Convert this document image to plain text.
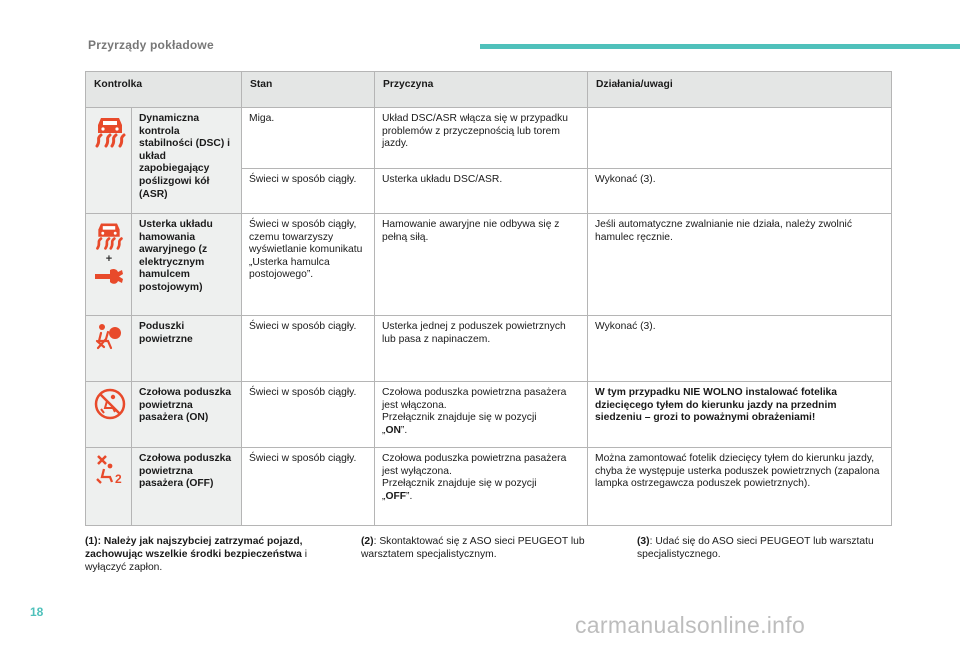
Przyrządy pokładowe
Kontrolka		Stan	Przyczyna	Działania/uwagi

	Dynamiczna kontrola stabilności (DSC) i układ zapobiegający poślizgowi kół (ASR)	Miga.	Układ DSC/ASR włącza się w przypadku problemów z przyczepnością lub torem jazdy.	
		Świeci w sposób ciągły.	Usterka układu DSC/ASR.	Wykonać (3).

+	Usterka układu hamowania awaryjnego (z elektrycznym hamulcem postojowym)	Świeci w sposób ciągły, czemu towarzyszy wyświetlanie komunikatu „Usterka hamulca postojowego”.	Hamowanie awaryjne nie odbywa się z pełną siłą.	Jeśli automatyczne zwalnianie nie działa, należy zwolnić hamulec ręcznie.

	Poduszki powietrzne	Świeci w sposób ciągły.	Usterka jednej z poduszek powietrznych lub pasa z napinaczem.	Wykonać (3).

	Czołowa poduszka powietrzna pasażera (ON)	Świeci w sposób ciągły.	Czołowa poduszka powietrzna pasażera jest włączona.
Przełącznik znajduje się w pozycji
„ON”.	W tym przypadku NIE WOLNO instalować fotelika dziecięcego tyłem do kierunku jazdy na przednim siedzeniu – grozi to poważnymi obrażeniami!

2	Czołowa poduszka powietrzna pasażera (OFF)	Świeci w sposób ciągły.	Czołowa poduszka powietrzna pasażera jest wyłączona.
Przełącznik znajduje się w pozycji
„OFF”.	Można zamontować fotelik dziecięcy tyłem do kierunku jazdy, chyba że występuje usterka poduszek powietrznych (zapalona lampka ostrzegawcza poduszek powietrznych).
(1): Należy jak najszybciej zatrzymać pojazd, zachowując wszelkie środki bezpieczeństwa i wyłączyć zapłon.
(2): Skontaktować się z ASO sieci PEUGEOT lub warsztatem specjalistycznym.
(3): Udać się do ASO sieci PEUGEOT lub warsztatu specjalistycznego.
18	carmanualsonline.info
